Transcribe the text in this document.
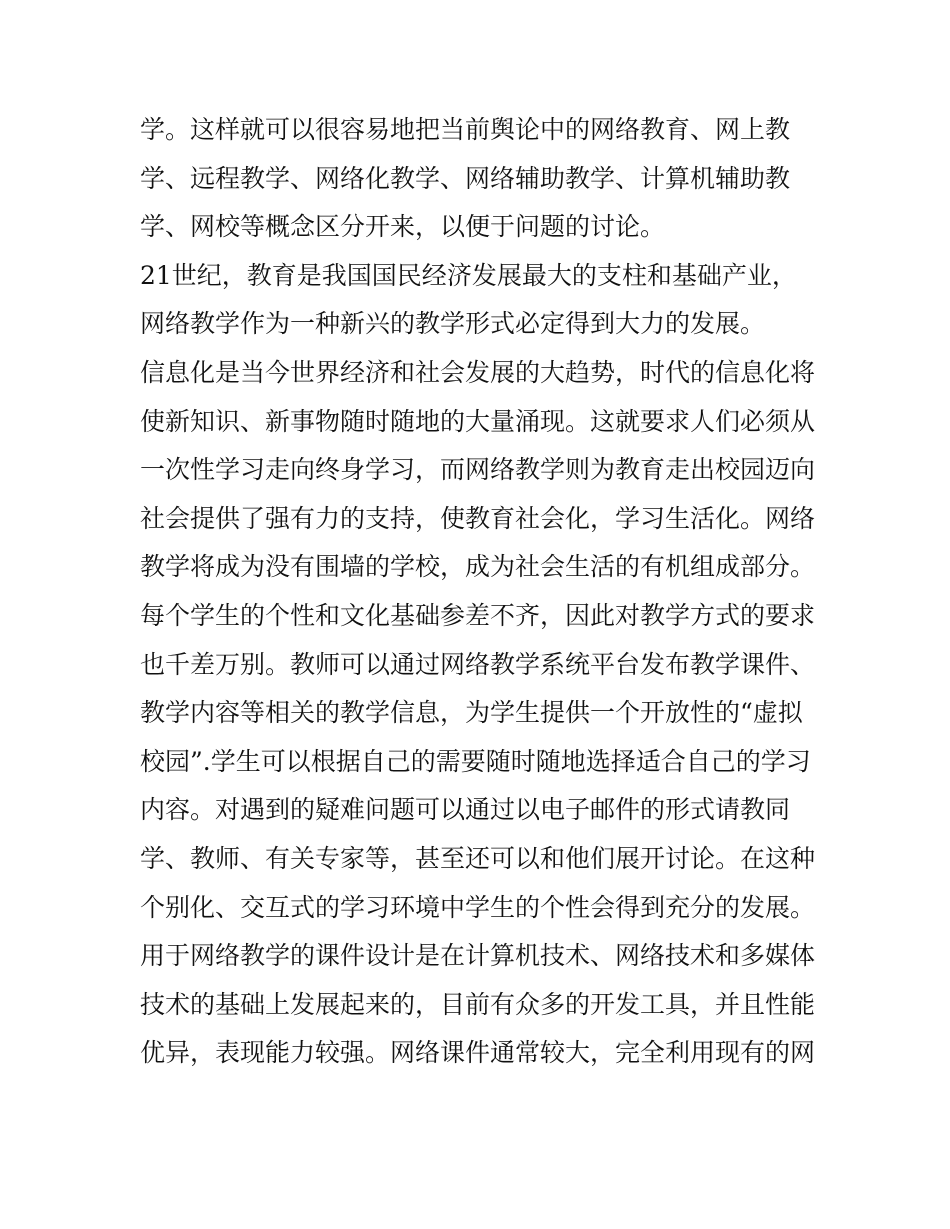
学。这样就可以很容易地把当前舆论中的网络教育、网上教
学、远程教学、网络化教学、网络辅助教学、计算机辅助教
学、网校等概念区分开来，以便于问题的讨论。
21世纪，教育是我国国民经济发展最大的支柱和基础产业，
网络教学作为一种新兴的教学形式必定得到大力的发展。
信息化是当今世界经济和社会发展的大趋势，时代的信息化将
使新知识、新事物随时随地的大量涌现。这就要求人们必须从
一次性学习走向终身学习，而网络教学则为教育走出校园迈向
社会提供了强有力的支持，使教育社会化，学习生活化。网络
教学将成为没有围墙的学校，成为社会生活的有机组成部分。
每个学生的个性和文化基础参差不齐，因此对教学方式的要求
也千差万别。教师可以通过网络教学系统平台发布教学课件、
教学内容等相关的教学信息，为学生提供一个开放性的“虚拟
校园”.学生可以根据自己的需要随时随地选择适合自己的学习
内容。对遇到的疑难问题可以通过以电子邮件的形式请教同
学、教师、有关专家等，甚至还可以和他们展开讨论。在这种
个别化、交互式的学习环境中学生的个性会得到充分的发展。
用于网络教学的课件设计是在计算机技术、网络技术和多媒体
技术的基础上发展起来的，目前有众多的开发工具，并且性能
优异，表现能力较强。网络课件通常较大，完全利用现有的网
